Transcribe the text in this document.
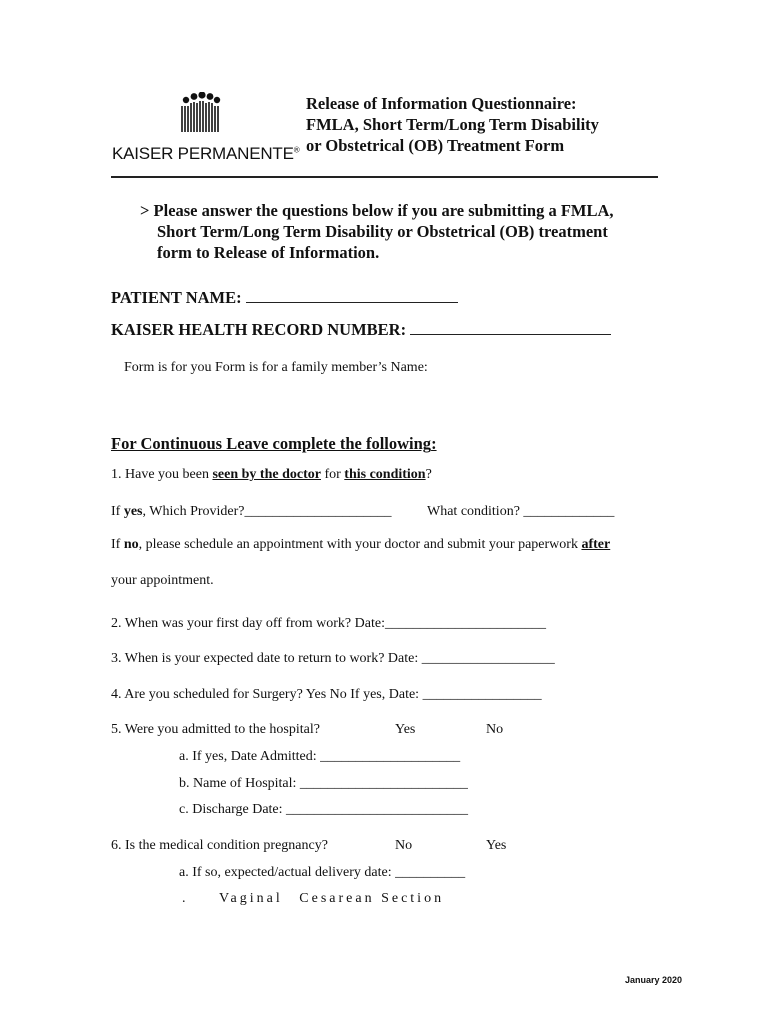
KAISER PERMANENTE®
Release of Information Questionnaire:
FMLA, Short Term/Long Term Disability
or Obstetrical (OB) Treatment Form
> Please answer the questions below if you are submitting a FMLA,
Short Term/Long Term Disability or Obstetrical (OB) treatment
form to Release of Information.
PATIENT NAME:
KAISER HEALTH RECORD NUMBER:
Form is for you Form is for a family member’s Name:
For Continuous Leave complete the following:
1. Have you been seen by the doctor for this condition?
If yes, Which Provider?_____________________	What condition? _____________
If no, please schedule an appointment with your doctor and submit your paperwork after
your appointment.
2. When was your first day off from work? Date:_______________________
3. When is your expected date to return to work? Date: ___________________
4. Are you scheduled for Surgery? Yes No If yes, Date: _________________
5. Were you admitted to the hospital?	Yes	No
a. If yes, Date Admitted: ____________________
b. Name of Hospital: ________________________
c. Discharge Date: __________________________
6. Is the medical condition pregnancy?	No	Yes
a. If so, expected/actual delivery date: __________
. Vaginal Cesarean Section
January 2020
